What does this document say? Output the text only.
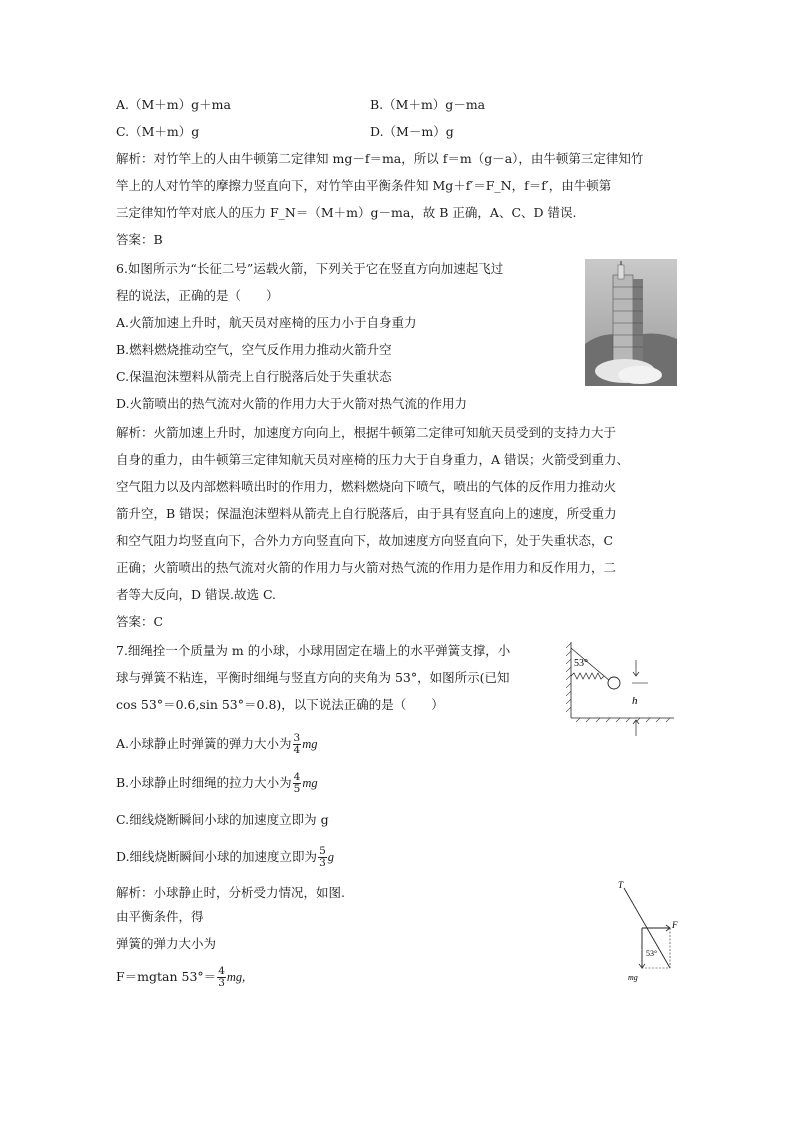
A.（M＋m）g＋ma	B.（M＋m）g－ma
C.（M＋m）g	D.（M－m）g
解析：对竹竿上的人由牛顿第二定律知 mg－f＝ma，所以 f＝m（g－a），由牛顿第三定律知竹
竿上的人对竹竿的摩擦力竖直向下，对竹竿由平衡条件知 Mg＋f′＝F_N，f＝f′，由牛顿第
三定律知竹竿对底人的压力 F_N＝（M＋m）g－ma，故 B 正确，A、C、D 错误.
答案：B
6.如图所示为“长征二号”运载火箭，下列关于它在竖直方向加速起飞过
程的说法，正确的是（　　）
A.火箭加速上升时，航天员对座椅的压力小于自身重力
B.燃料燃烧推动空气，空气反作用力推动火箭升空
C.保温泡沫塑料从箭壳上自行脱落后处于失重状态
D.火箭喷出的热气流对火箭的作用力大于火箭对热气流的作用力
解析：火箭加速上升时，加速度方向向上，根据牛顿第二定律可知航天员受到的支持力大于
自身的重力，由牛顿第三定律知航天员对座椅的压力大于自身重力，A 错误；火箭受到重力、
空气阻力以及内部燃料喷出时的作用力，燃料燃烧向下喷气，喷出的气体的反作用力推动火
箭升空，B 错误；保温泡沫塑料从箭壳上自行脱落后，由于具有竖直向上的速度，所受重力
和空气阻力均竖直向下，合外力方向竖直向下，故加速度方向竖直向下，处于失重状态，C
正确；火箭喷出的热气流对火箭的作用力与火箭对热气流的作用力是作用力和反作用力，二
者等大反向，D 错误.故选 C.
答案：C
7.细绳拴一个质量为 m 的小球，小球用固定在墙上的水平弹簧支撑，小
球与弹簧不粘连，平衡时细绳与竖直方向的夹角为 53°，如图所示(已知
cos 53°＝0.6,sin 53°＝0.8)，以下说法正确的是（　　）
53°
h
A.小球静止时弹簧的弹力大小为 $\frac{3}{4}$ mg
B.小球静止时细绳的拉力大小为 $\frac{4}{5}$ mg
C.细线烧断瞬间小球的加速度立即为 g
D.细线烧断瞬间小球的加速度立即为 $\frac{5}{3}$ g
解析：小球静止时，分析受力情况，如图.
由平衡条件，得
弹簧的弹力大小为
F＝mgtan $53^\circ= \frac{4}{3}$ mg,
T
F
53°
mg
